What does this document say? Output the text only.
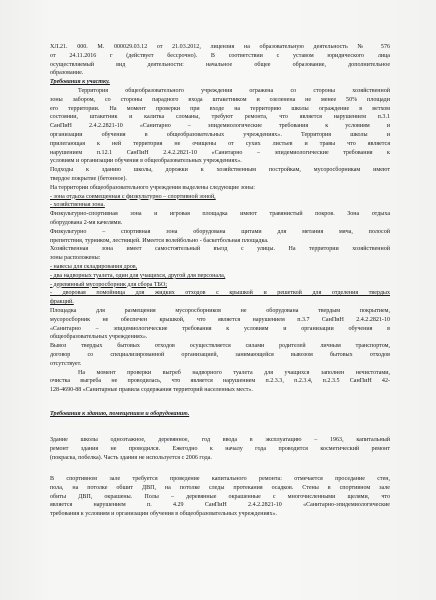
ХЛ.21. 000. М. 000029.03.12 от 21.03.2012, лицензия на образовательную деятельность № 576
от 24.11.2016 г (действует бессрочно). В соответствии с уставом юридического лица
осуществляемый вид деятельности: начальное общее образование, дополнительное
образование.
Требования к участку.
Территория общеобразовательного учреждения огражена со стороны хозяйственной
зоны забором, со стороны парадного входа штакетником и озеленена не менее 50% площади
его территории. На момент проверки при входе на территорию школы ограждение в ветхом
состоянии, штакетник и калитка сломаны, требуют ремонта, что является нарушением п.3.1
СанПиН 2.4.2.2821-10 «Санитарно – эпидемиологические требования к условиям и
организации обучения в общеобразовательных учреждениях». Территория школы и
прилегающая к ней территория не очищены от сухих листьев и травы что является
нарушением п.12.1 СанПиН 2.4.2.2821-10 «Санитарно – эпидемиологические требования к
условиям и организации обучения в общеобразовательных учреждениях».
Подходы к зданию школы, дорожки к хозяйственным постройкам, мусоросборникам имеют
твердое покрытие (бетонное).
На территории общеобразовательного учреждения выделены следующие зоны:
- зона отдыха совмещенная с физкультурно – спортивной зоной,
- хозяйственная зона.
Физкультурно-спортивная зона и игровая площадка имеют травянистый покров. Зона отдыха
оборудована 2-мя качелями.
Физкультурно – спортивная зона оборудована щитами для метания мяча, полосой
препятствия, турником, лестницей. Имеется волейбольно - баскетбольная площадка.
Хозяйственная зона имеет самостоятельный въезд с улицы. На территории хозяйственной
зоны расположены:
- навесы для складирования дров,
- два надворных туалета, один для учащихся, другой для персонала,
- деревянный мусоросборник для сбора ТБО;
- дворовая помойница для жидких отходов с крышкой и решеткой для отделения твердых
фракций.
Площадка для размещения мусоросборников не оборудована твердым покрытием,
мусоросборник не обеспечен крышкой, что является нарушением п.3.7 СанПиН 2.4.2.2821-10
«Санитарно – эпидемиологические требования к условиям и организации обучения в
общеобразовательных учреждениях».
Вывоз твердых бытовых отходов осуществляется силами родителей личным транспортом,
договор со специализированной организацией, занимающейся вывозом бытовых отходов
отсутствует.
На момент проверки выгреб надворного туалета для учащихся заполнен нечистотами,
очистка выгреба не проводилась, что является нарушением п.2.3.3, п.2.3.4, п.2.3.5 СанПиН 42-
128-4690-88 «Санитарные правила содержания территорий населенных мест».
Требования к зданию, помещениям и оборудованию.
Здание школы одноэтажное, деревянное, год ввода в эксплуатацию – 1963, капитальный
ремонт здания не проводился. Ежегодно к началу года проводится косметический ремонт
(покраска, побелка). Часть здания не используется с 2006 года.
В спортивном зале требуется проведение капитального ремонта: отмечается проседание стен,
пола, на потолке обшит ДВП, на потолке следы протекания осадков. Стены в спортивном зале
обиты ДВП, окрашены. Полы – деревянные окрашенные с многочисленными щелями, что
является нарушением п. 4.29 СанПиН 2.4.2.2821-10 «Санитарно-эпидемиологические
требования к условиям и организации обучения в общеобразовательных учреждениях».
